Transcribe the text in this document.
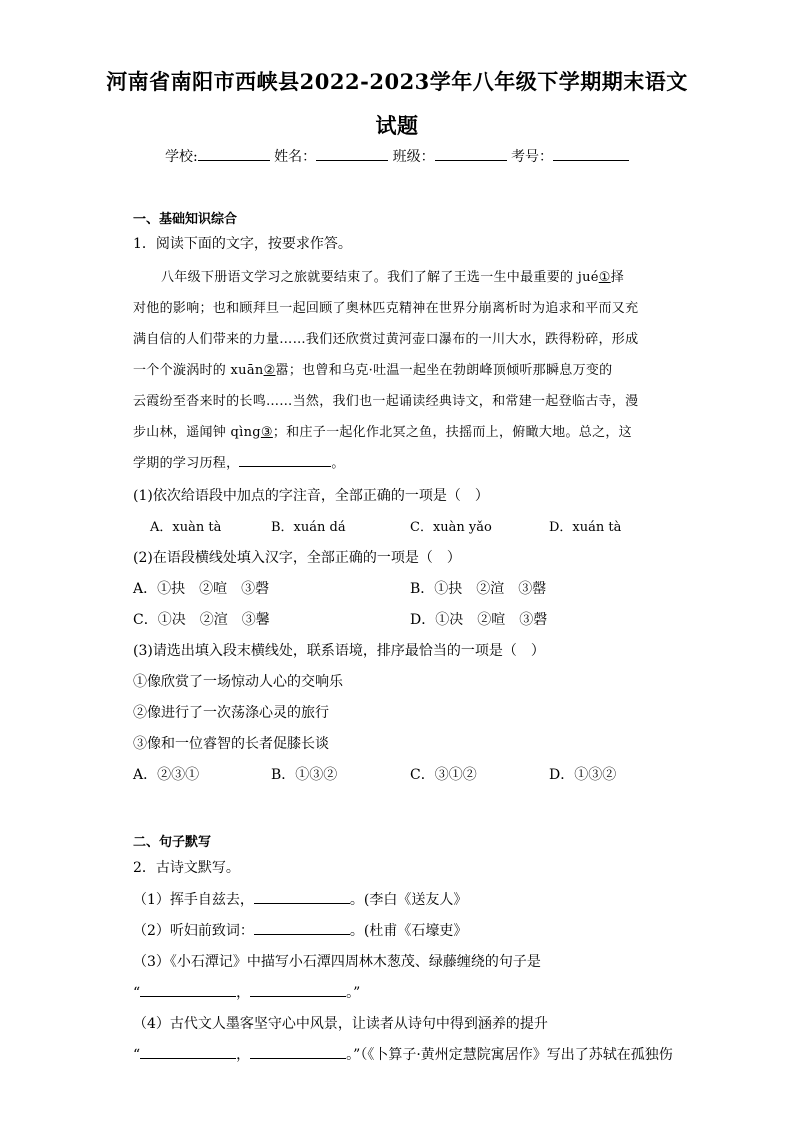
河南省南阳市西峡县2022-2023学年八年级下学期期末语文
试题
学校:	姓名：	班级：	考号：
一、基础知识综合
1．阅读下面的文字，按要求作答。
八年级下册语文学习之旅就要结束了。我们了解了王选一生中最重要的 jué①择
对他的影响；也和顾拜旦一起回顾了奥林匹克精神在世界分崩离析时为追求和平而又充
满自信的人们带来的力量……我们还欣赏过黄河壶口瀑布的一川大水，跌得粉碎，形成
一个个漩涡时的 xuān②嚣；也曾和乌克·吐温一起坐在勃朗峰顶倾听那瞬息万变的
云霞纷至沓来时的长鸣……当然，我们也一起诵读经典诗文，和常建一起登临古寺，漫
步山林，遥闻钟 qìng③；和庄子一起化作北冥之鱼，扶摇而上，俯瞰大地。总之，这
学期的学习历程，	。
(1)依次给语段中加点的字注音，全部正确的一项是（　）
A．xuàn tà	B．xuán dá	C．xuàn yǎo	D．xuán tà
(2)在语段横线处填入汉字，全部正确的一项是（　）
A．①抉　②喧　③磬	B．①抉　②渲　③罄
C．①决　②渲　③馨	D．①决　②喧　③磬
(3)请选出填入段末横线处，联系语境，排序最恰当的一项是（　）
①像欣赏了一场惊动人心的交响乐
②像进行了一次荡涤心灵的旅行
③像和一位睿智的长者促膝长谈
A．②③①	B．①③②	C．③①②	D．①③②
二、句子默写
2．古诗文默写。
（1）挥手自兹去，	。(李白《送友人》
（2）听妇前致词：	。(杜甫《石壕吏》
（3）《小石潭记》中描写小石潭四周林木葱茂、绿藤缠绕的句子是
“	，	。”
（4）古代文人墨客坚守心中风景，让读者从诗句中得到涵养的提升
“	，	。”（《卜算子·黄州定慧院寓居作》写出了苏轼在孤独伤
